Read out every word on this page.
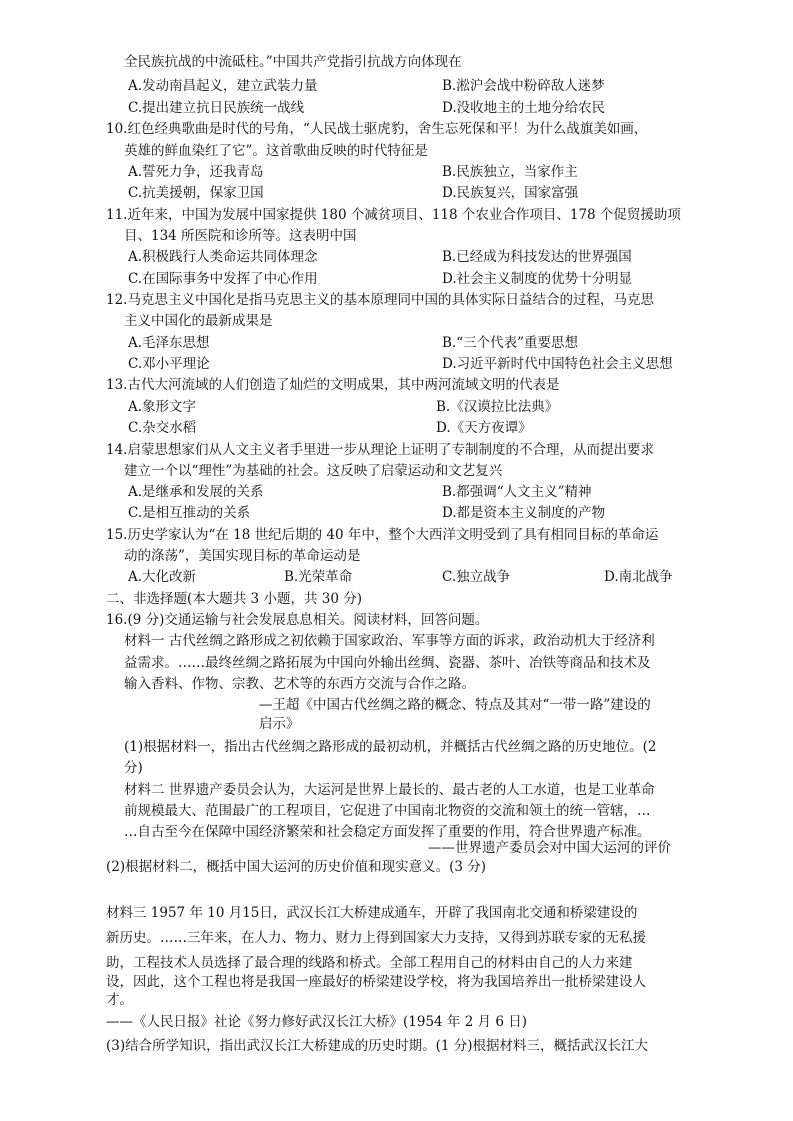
全民族抗战的中流砥柱。”中国共产党指引抗战方向体现在
A.发动南昌起义，建立武装力量	B.淞沪会战中粉碎敌人迷梦
C.提出建立抗日民族统一战线	D.没收地主的土地分给农民
10.红色经典歌曲是时代的号角，“人民战士驱虎豹，舍生忘死保和平！为什么战旗美如画，
英雄的鲜血染红了它”。这首歌曲反映的时代特征是
A.誓死力争，还我青岛	B.民族独立，当家作主
C.抗美援朝，保家卫国	D.民族复兴，国家富强
11.近年来，中国为发展中国家提供 180 个减贫项目、118 个农业合作项目、178 个促贸援助项
目、134 所医院和诊所等。这表明中国
A.积极践行人类命运共同体理念	B.已经成为科技发达的世界强国
C.在国际事务中发挥了中心作用	D.社会主义制度的优势十分明显
12.马克思主义中国化是指马克思主义的基本原理同中国的具体实际日益结合的过程，马克思
主义中国化的最新成果是
A.毛泽东思想	B.“三个代表”重要思想
C.邓小平理论	D.习近平新时代中国特色社会主义思想
13.古代大河流域的人们创造了灿烂的文明成果，其中两河流域文明的代表是
A.象形文字	B.《汉谟拉比法典》
C.杂交水稻	D.《天方夜谭》
14.启蒙思想家们从人文主义者手里进一步从理论上证明了专制制度的不合理，从而提出要求
建立一个以“理性”为基础的社会。这反映了启蒙运动和文艺复兴
A.是继承和发展的关系	B.都强调“人文主义”精神
C.是相互推动的关系	D.都是资本主义制度的产物
15.历史学家认为“在 18 世纪后期的 40 年中，整个大西洋文明受到了具有相同目标的革命运
动的涤荡”，美国实现目标的革命运动是
A.大化改新	B.光荣革命	C.独立战争	D.南北战争
二、非选择题(本大题共 3 小题，共 30 分)
16.(9 分)交通运输与社会发展息息相关。阅读材料，回答问题。
材料一 古代丝绸之路形成之初依赖于国家政治、军事等方面的诉求，政治动机大于经济利
益需求。……最终丝绸之路拓展为中国向外输出丝绸、瓷器、茶叶、冶铁等商品和技术及
输入香料、作物、宗教、艺术等的东西方交流与合作之路。
—王超《中国古代丝绸之路的概念、特点及其对“一带一路”建设的
启示》
(1)根据材料一，指出古代丝绸之路形成的最初动机，并概括古代丝绸之路的历史地位。(2
分)
材料二 世界遗产委员会认为，大运河是世界上最长的、最古老的人工水道，也是工业革命
前规模最大、范围最广的工程项目，它促进了中国南北物资的交流和领土的统一管辖，…
…自古至今在保障中国经济繁荣和社会稳定方面发挥了重要的作用，符合世界遗产标准。
——世界遗产委员会对中国大运河的评价
(2)根据材料二，概括中国大运河的历史价值和现实意义。(3 分)
材料三 1957 年 10 月15日，武汉长江大桥建成通车，开辟了我国南北交通和桥梁建设的
新历史。……三年来，在人力、物力、财力上得到国家大力支持，又得到苏联专家的无私援
助，工程技术人员选择了最合理的线路和桥式。全部工程用自己的材料由自己的人力来建
设，因此，这个工程也将是我国一座最好的桥梁建设学校，将为我国培养出一批桥梁建设人
才。
——《人民日报》社论《努力修好武汉长江大桥》(1954 年 2 月 6 日)
(3)结合所学知识，指出武汉长江大桥建成的历史时期。(1 分)根据材料三，概括武汉长江大
